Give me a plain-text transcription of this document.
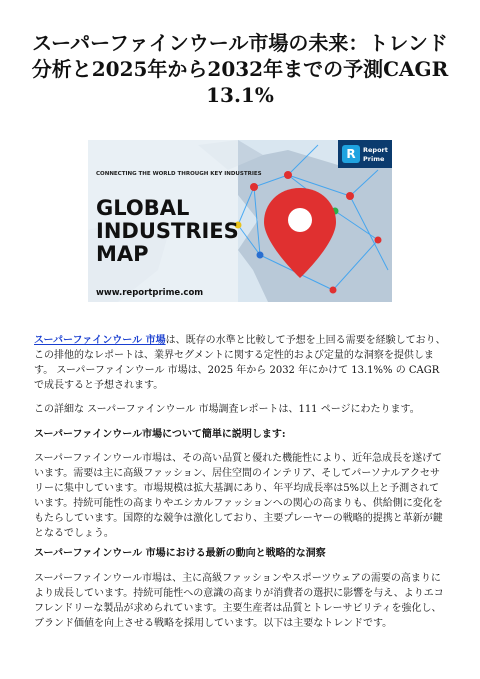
スーパーファインウール市場の未来：トレンド分析と2025年から2032年までの予測CAGR 13.1%
R Report
Prime
CONNECTING THE WORLD THROUGH KEY INDUSTRIES
GLOBAL
INDUSTRIES
MAP
www.reportprime.com

スーパーファインウール 市場は、既存の水準と比較して予想を上回る需要を経験しており、この排他的なレポートは、業界セグメントに関する定性的および定量的な洞察を提供します。 スーパーファインウール 市場は、2025 年から 2032 年にかけて 13.1%% の CAGR で成長すると予想されます。

この詳細な スーパーファインウール 市場調査レポートは、111 ページにわたります。

スーパーファインウール市場について簡単に説明します:

スーパーファインウール市場は、その高い品質と優れた機能性により、近年急成長を遂げています。需要は主に高級ファッション、居住空間のインテリア、そしてパーソナルアクセサリーに集中しています。市場規模は拡大基調にあり、年平均成長率は5%以上と予測されています。持続可能性の高まりやエシカルファッションへの関心の高まりも、供給側に変化をもたらしています。国際的な競争は激化しており、主要プレーヤーの戦略的提携と革新が鍵となるでしょう。

スーパーファインウール 市場における最新の動向と戦略的な洞察

スーパーファインウール市場は、主に高級ファッションやスポーツウェアの需要の高まりにより成長しています。持続可能性への意識の高まりが消費者の選択に影響を与え、よりエコフレンドリーな製品が求められています。主要生産者は品質とトレーサビリティを強化し、ブランド価値を向上させる戦略を採用しています。以下は主要なトレンドです。
